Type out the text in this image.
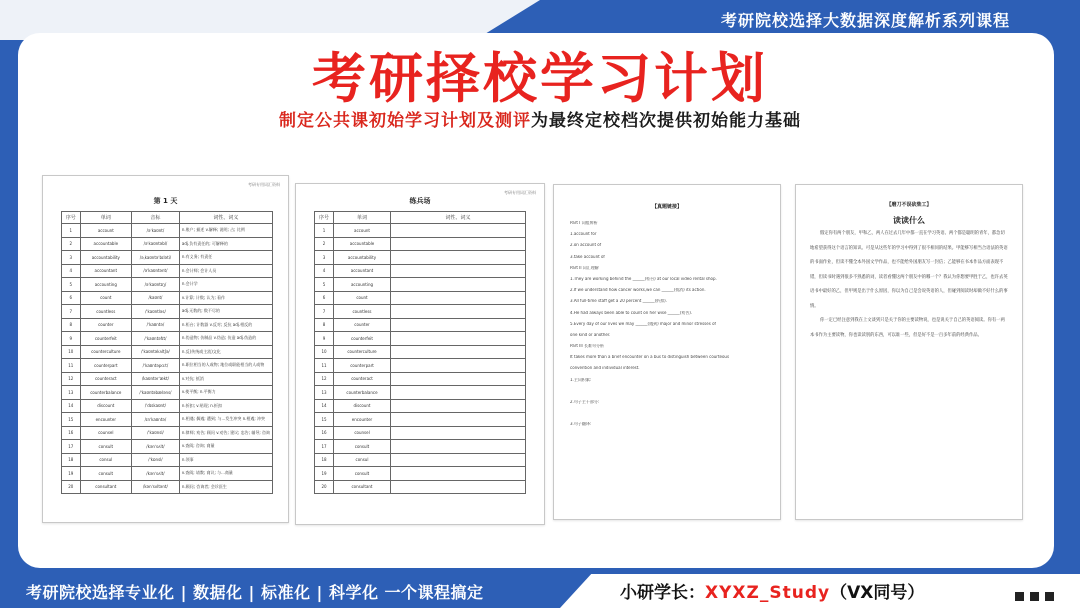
考研院校选择大数据深度解析系列课程
考研择校学习计划
制定公共课初始学习计划及测评为最终定校档次提供初始能力基础
考研专用词汇资料
第 1 天
序号	单词	音标	词性、词义
1	account	/əˈkaʊnt/	n.账户; 描述 v.解释; 说明; 占; 比例
2	accountable	/əˈkaʊntəbl/	adj.负有责任的; 可解释的
3	accountability	/əˌkaʊntəˈbɪləti/	n.有义务; 有责任
4	accountant	/əˈkaʊntənt/	n.会计师; 会计人员
5	accounting	/əˈkaʊntɪŋ/	n.会计学
6	count	/kaʊnt/	v.计算; 计数; 认为; 看作
7	countless	/ˈkaʊntləs/	adj.无数的; 数不尽的
8	counter	/ˈkaʊntə/	n.柜台; 计数器 v.反对; 反抗 adj.相反的
9	counterfeit	/ˈkaʊntəfɪt/	n.伪造物; 仿制品 v.伪造; 仿造 adj.伪造的
10	counterculture	/ˈkaʊntəkʌltʃə/	n.反(传统或主流)文化
11	counterpart	/ˈkaʊntəpɑːt/	n.职位相当的人或物; 地位或职能相当的人或物
12	counteract	/kaʊntərˈækt/	v.对抗; 抵消
13	counterbalance	/ˈkaʊntəbæləns/	v.使平衡; n.平衡力
14	discount	/ˈdɪskaʊnt/	n.折扣; v.贴现; n.折扣
15	encounter	/ɪnˈkaʊntə/	n.相遇; 偶遇; 遭到; 与...发生冲突 n.相遇; 冲突
16	counsel	/ˈkaʊnsl/	n.律师; 劝告; 顾问 v.劝告; 建议; 忠告; 辅导; 咨询
17	consult	/kənˈsʌlt/	v.查阅; 咨询; 商量
18	consul	/ˈkɒnsl/	n.领事
19	consult	/kənˈsʌlt/	v.查阅; 请教; 商议; 与...商量
20	consultant	/kənˈsʌltənt/	n.顾问; 咨询者; 会诊医生
考研专用词汇资料
练兵场
序号	单词	词性、词义
1	account	
2	accountable	
3	accountability	
4	accountant	
5	accounting	
6	count	
7	countless	
8	counter	
9	counterfeit	
10	counterculture	
11	counterpart	
12	counteract	
13	counterbalance	
14	discount	
15	encounter	
16	counsel	
17	consult	
18	consul	
19	consult	
20	consultant	
【真题链接】
Part I 词组辨析
1.account for
2.on account of
3.take account of
Part II 词汇理解
1.They are working behind the ______(柜台) at our local video rental shop.
2.If we understand how cancer works,we can ______(抵消) its action.
3.All full-time staff get a 20 percent ______(折扣).
4.He had always been able to count on her wise ______(劝告).
5.Every day of our lives we may ______(遇到) major and minor stresses of
one kind or another.
Part III 长难句分析
It takes more than a brief encounter on a bus to distinguish between courteous
convention and individual interest.
1.主词积累:

2.句子主干部分:

3.句子翻译:
【磨刀不误砍柴工】
读读什么

假定你有两个朋友，甲和乙，两人在过去几年中都一直在学习英语。两个都是聪明的青年，都急切地希望获得这个语言的知识。可是从这些年的学习中得到了很不相同的结果。甲能够写相当合语法的英语的书面作业，但读不懂全本外国文学作品，也不能给外国朋友写一封信；乙能够在书本作品方面表现不错，但读书时遇到很多不熟悉的词，读者看懂这两个朋友中的哪一个？我认为你想要甲胜于乙，也许去英语书中最好的乙，但甲则是出于什么原因，你以为自己是会说英语的人，但碰到阅读时却做不好什么的事情。

你一定已经注意到我在上文谈到只是关于你的主要读物说，也是说关于自己的英语阅读。你有一两本书作为主要读物，你也读读别的东西，可以谁一些，但是好不是一百多年前的经典作品。

考研院校选择专业化 | 数据化 | 标准化 | 科学化 一个课程搞定	小研学长：XYXZ_Study（VX同号）
